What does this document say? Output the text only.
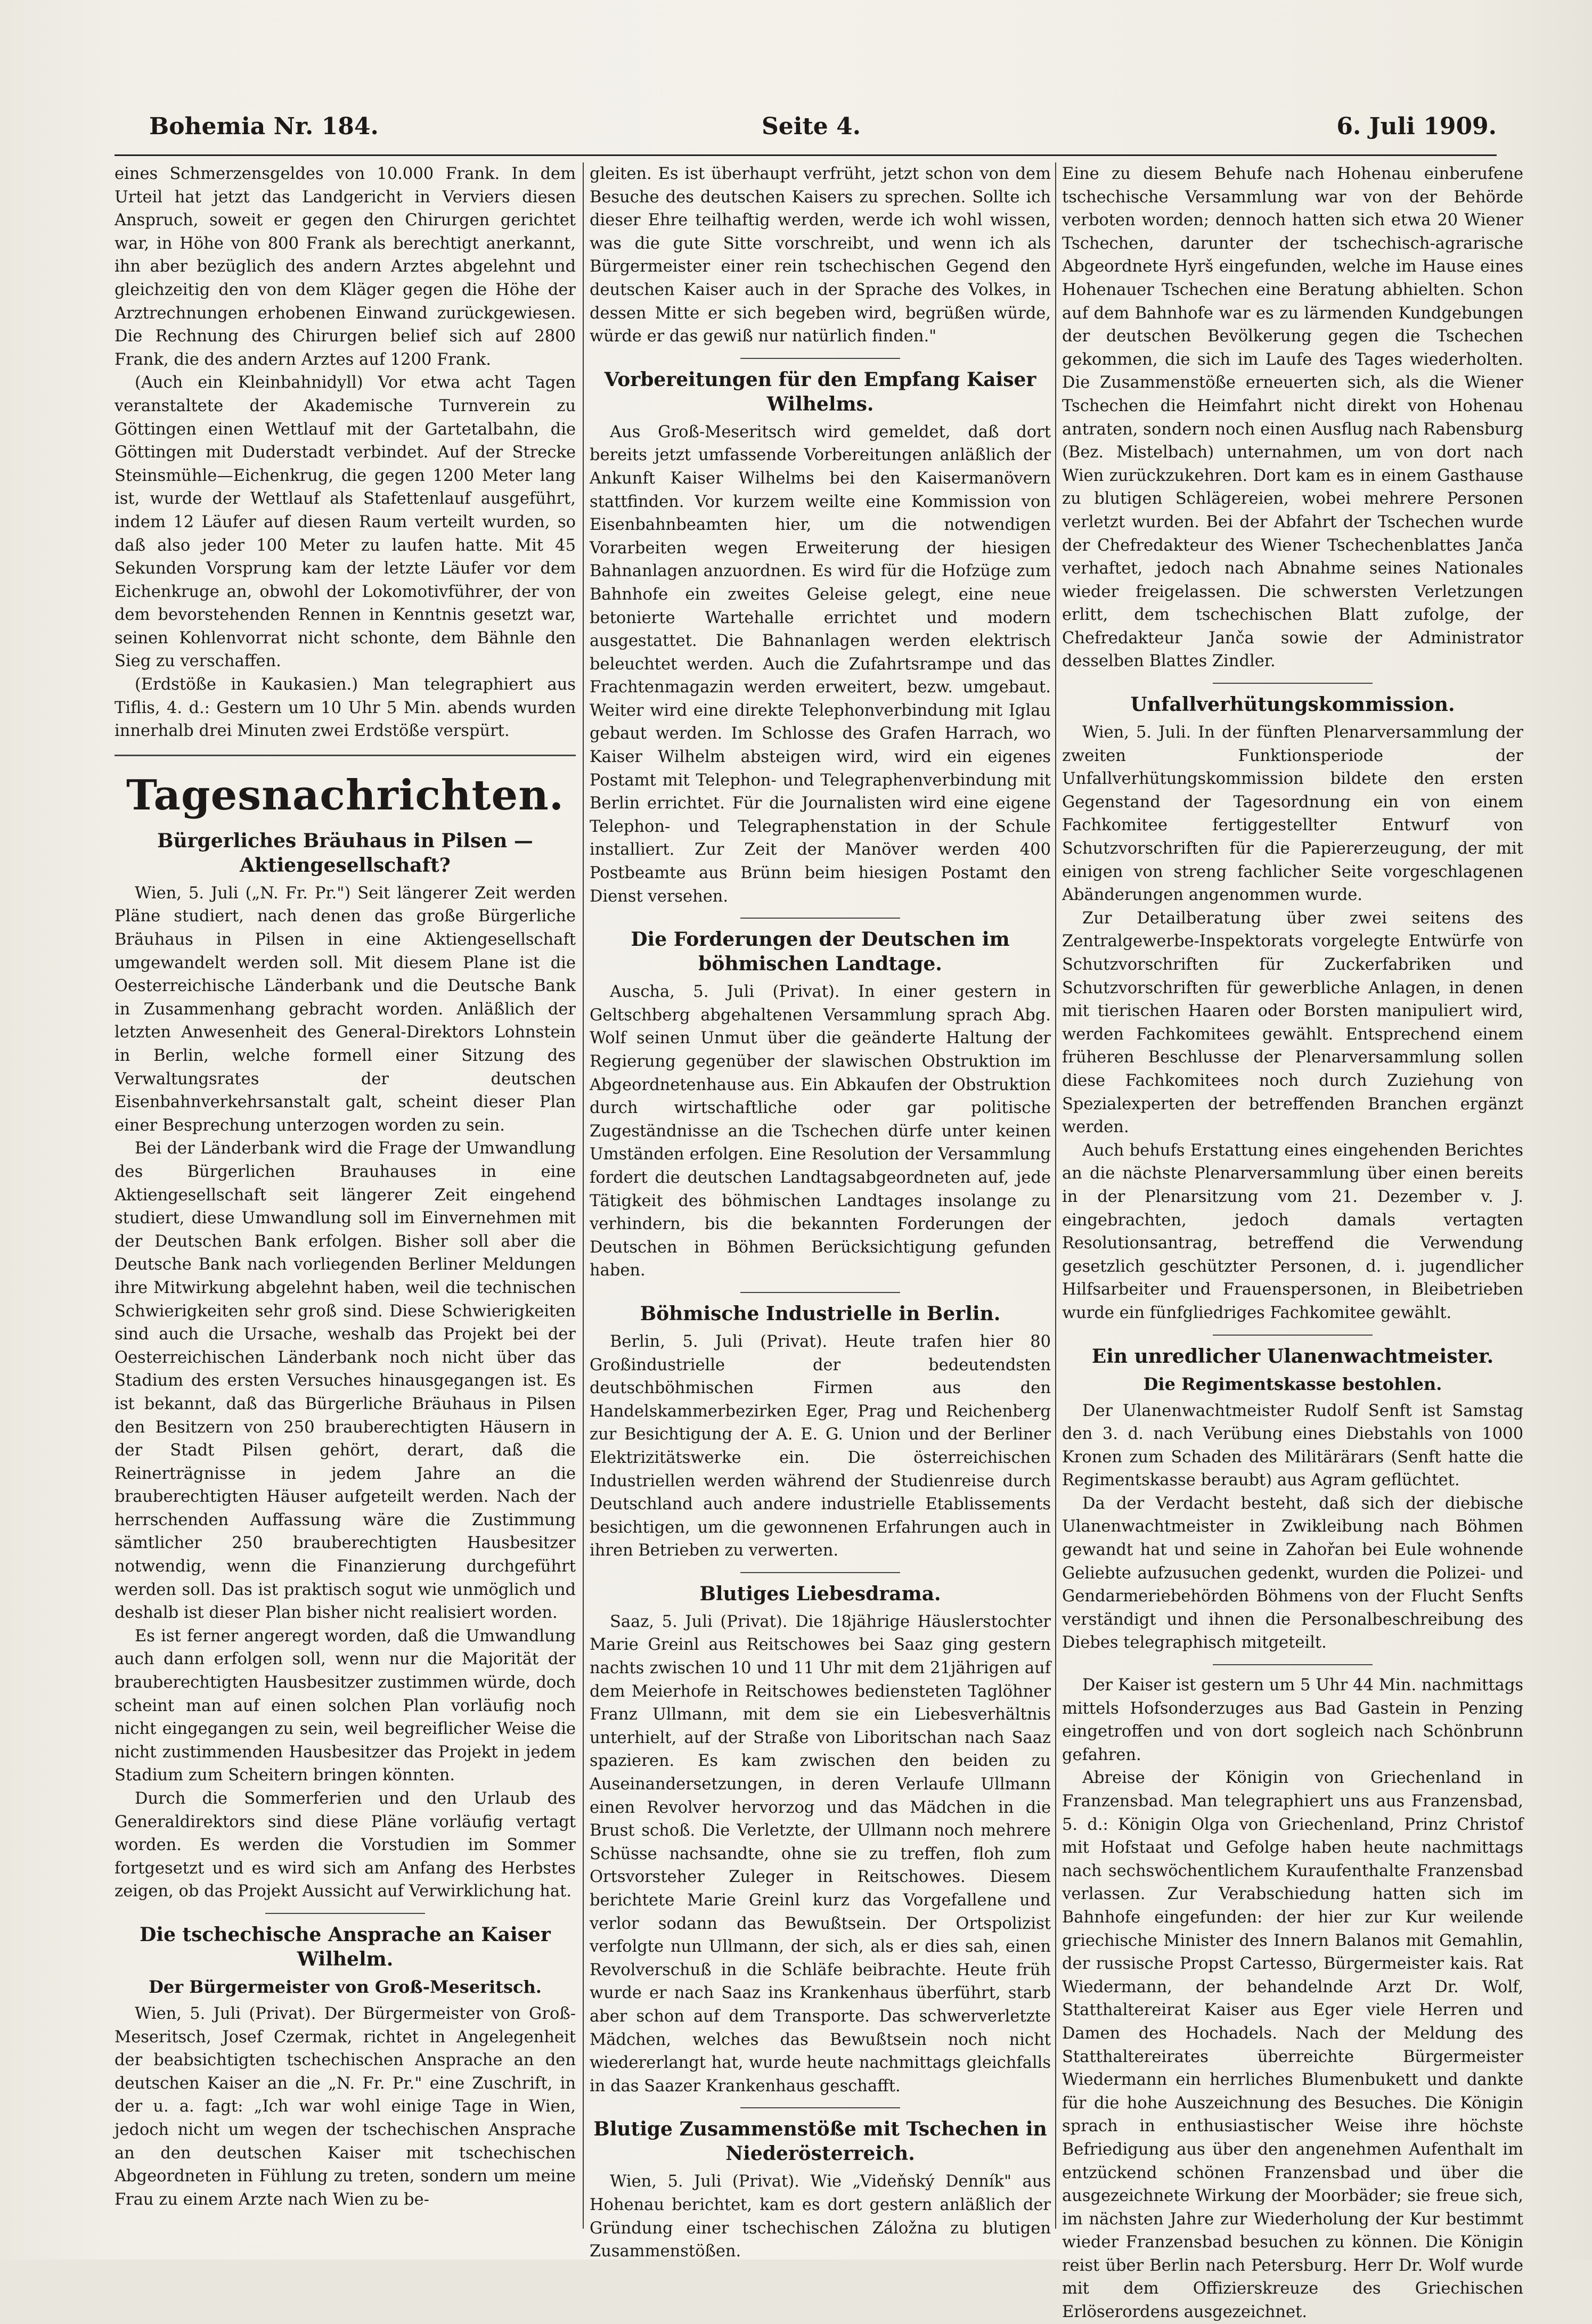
Bohemia Nr. 184.	Seite 4.	6. Juli 1909.

eines Schmerzensgeldes von 10.000 Frank. In dem Urteil hat jetzt das Landgericht in Verviers diesen Anspruch, soweit er gegen den Chirurgen gerichtet war, in Höhe von 800 Frank als berechtigt anerkannt, ihn aber bezüglich des andern Arztes abgelehnt und gleichzeitig den von dem Kläger gegen die Höhe der Arztrechnungen erhobenen Einwand zurückgewiesen. Die Rechnung des Chirurgen belief sich auf 2800 Frank, die des andern Arztes auf 1200 Frank.

(Auch ein Kleinbahnidyll) Vor etwa acht Tagen veranstaltete der Akademische Turnverein zu Göttingen einen Wettlauf mit der Gartetalbahn, die Göttingen mit Duderstadt verbindet. Auf der Strecke Steinsmühle—Eichenkrug, die gegen 1200 Meter lang ist, wurde der Wettlauf als Stafettenlauf ausgeführt, indem 12 Läufer auf diesen Raum verteilt wurden, so daß also jeder 100 Meter zu laufen hatte. Mit 45 Sekunden Vorsprung kam der letzte Läufer vor dem Eichenkruge an, obwohl der Lokomotivführer, der von dem bevorstehenden Rennen in Kenntnis gesetzt war, seinen Kohlenvorrat nicht schonte, dem Bähnle den Sieg zu verschaffen.

(Erdstöße in Kaukasien.) Man telegraphiert aus Tiflis, 4. d.: Gestern um 10 Uhr 5 Min. abends wurden innerhalb drei Minuten zwei Erdstöße verspürt.

Tagesnachrichten.
Bürgerliches Bräuhaus in Pilsen — Aktiengesellschaft?

Wien, 5. Juli („N. Fr. Pr.") Seit längerer Zeit werden Pläne studiert, nach denen das große Bürgerliche Bräuhaus in Pilsen in eine Aktiengesellschaft umgewandelt werden soll. Mit diesem Plane ist die Oesterreichische Länderbank und die Deutsche Bank in Zusammenhang gebracht worden. Anläßlich der letzten Anwesenheit des General-Direktors Lohnstein in Berlin, welche formell einer Sitzung des Verwaltungsrates der deutschen Eisenbahnverkehrsanstalt galt, scheint dieser Plan einer Besprechung unterzogen worden zu sein.

Bei der Länderbank wird die Frage der Umwandlung des Bürgerlichen Brauhauses in eine Aktiengesellschaft seit längerer Zeit eingehend studiert, diese Umwandlung soll im Einvernehmen mit der Deutschen Bank erfolgen. Bisher soll aber die Deutsche Bank nach vorliegenden Berliner Meldungen ihre Mitwirkung abgelehnt haben, weil die technischen Schwierigkeiten sehr groß sind. Diese Schwierigkeiten sind auch die Ursache, weshalb das Projekt bei der Oesterreichischen Länderbank noch nicht über das Stadium des ersten Versuches hinausgegangen ist. Es ist bekannt, daß das Bürgerliche Bräuhaus in Pilsen den Besitzern von 250 brauberechtigten Häusern in der Stadt Pilsen gehört, derart, daß die Reinerträgnisse in jedem Jahre an die brauberechtigten Häuser aufgeteilt werden. Nach der herrschenden Auffassung wäre die Zustimmung sämtlicher 250 brauberechtigten Hausbesitzer notwendig, wenn die Finanzierung durchgeführt werden soll. Das ist praktisch sogut wie unmöglich und deshalb ist dieser Plan bisher nicht realisiert worden.

Es ist ferner angeregt worden, daß die Umwandlung auch dann erfolgen soll, wenn nur die Majorität der brauberechtigten Hausbesitzer zustimmen würde, doch scheint man auf einen solchen Plan vorläufig noch nicht eingegangen zu sein, weil begreiflicher Weise die nicht zustimmenden Hausbesitzer das Projekt in jedem Stadium zum Scheitern bringen könnten.

Durch die Sommerferien und den Urlaub des Generaldirektors sind diese Pläne vorläufig vertagt worden. Es werden die Vorstudien im Sommer fortgesetzt und es wird sich am Anfang des Herbstes zeigen, ob das Projekt Aussicht auf Verwirklichung hat.

Die tschechische Ansprache an Kaiser Wilhelm.
Der Bürgermeister von Groß-Meseritsch.

Wien, 5. Juli (Privat). Der Bürgermeister von Groß-Meseritsch, Josef Czermak, richtet in Angelegenheit der beabsichtigten tschechischen Ansprache an den deutschen Kaiser an die „N. Fr. Pr." eine Zuschrift, in der u. a. fagt: „Ich war wohl einige Tage in Wien, jedoch nicht um wegen der tschechischen Ansprache an den deutschen Kaiser mit tschechischen Abgeordneten in Fühlung zu treten, sondern um meine Frau zu einem Arzte nach Wien zu be-

gleiten. Es ist überhaupt verfrüht, jetzt schon von dem Besuche des deutschen Kaisers zu sprechen. Sollte ich dieser Ehre teilhaftig werden, werde ich wohl wissen, was die gute Sitte vorschreibt, und wenn ich als Bürgermeister einer rein tschechischen Gegend den deutschen Kaiser auch in der Sprache des Volkes, in dessen Mitte er sich begeben wird, begrüßen würde, würde er das gewiß nur natürlich finden."

Vorbereitungen für den Empfang Kaiser Wilhelms.

Aus Groß-Meseritsch wird gemeldet, daß dort bereits jetzt umfassende Vorbereitungen anläßlich der Ankunft Kaiser Wilhelms bei den Kaisermanövern stattfinden. Vor kurzem weilte eine Kommission von Eisenbahnbeamten hier, um die notwendigen Vorarbeiten wegen Erweiterung der hiesigen Bahnanlagen anzuordnen. Es wird für die Hofzüge zum Bahnhofe ein zweites Geleise gelegt, eine neue betonierte Wartehalle errichtet und modern ausgestattet. Die Bahnanlagen werden elektrisch beleuchtet werden. Auch die Zufahrtsrampe und das Frachtenmagazin werden erweitert, bezw. umgebaut. Weiter wird eine direkte Telephonverbindung mit Iglau gebaut werden. Im Schlosse des Grafen Harrach, wo Kaiser Wilhelm absteigen wird, wird ein eigenes Postamt mit Telephon- und Telegraphenverbindung mit Berlin errichtet. Für die Journalisten wird eine eigene Telephon- und Telegraphenstation in der Schule installiert. Zur Zeit der Manöver werden 400 Postbeamte aus Brünn beim hiesigen Postamt den Dienst versehen.

Die Forderungen der Deutschen im böhmischen Landtage.

Auscha, 5. Juli (Privat). In einer gestern in Geltschberg abgehaltenen Versammlung sprach Abg. Wolf seinen Unmut über die geänderte Haltung der Regierung gegenüber der slawischen Obstruktion im Abgeordnetenhause aus. Ein Abkaufen der Obstruktion durch wirtschaftliche oder gar politische Zugeständnisse an die Tschechen dürfe unter keinen Umständen erfolgen. Eine Resolution der Versammlung fordert die deutschen Landtagsabgeordneten auf, jede Tätigkeit des böhmischen Landtages insolange zu verhindern, bis die bekannten Forderungen der Deutschen in Böhmen Berücksichtigung gefunden haben.

Böhmische Industrielle in Berlin.

Berlin, 5. Juli (Privat). Heute trafen hier 80 Großindustrielle der bedeutendsten deutschböhmischen Firmen aus den Handelskammerbezirken Eger, Prag und Reichenberg zur Besichtigung der A. E. G. Union und der Berliner Elektrizitätswerke ein. Die österreichischen Industriellen werden während der Studienreise durch Deutschland auch andere industrielle Etablissements besichtigen, um die gewonnenen Erfahrungen auch in ihren Betrieben zu verwerten.

Blutiges Liebesdrama.

Saaz, 5. Juli (Privat). Die 18jährige Häuslerstochter Marie Greinl aus Reitschowes bei Saaz ging gestern nachts zwischen 10 und 11 Uhr mit dem 21jährigen auf dem Meierhofe in Reitschowes bediensteten Taglöhner Franz Ullmann, mit dem sie ein Liebesverhältnis unterhielt, auf der Straße von Liboritschan nach Saaz spazieren. Es kam zwischen den beiden zu Auseinandersetzungen, in deren Verlaufe Ullmann einen Revolver hervorzog und das Mädchen in die Brust schoß. Die Verletzte, der Ullmann noch mehrere Schüsse nachsandte, ohne sie zu treffen, floh zum Ortsvorsteher Zuleger in Reitschowes. Diesem berichtete Marie Greinl kurz das Vorgefallene und verlor sodann das Bewußtsein. Der Ortspolizist verfolgte nun Ullmann, der sich, als er dies sah, einen Revolverschuß in die Schläfe beibrachte. Heute früh wurde er nach Saaz ins Krankenhaus überführt, starb aber schon auf dem Transporte. Das schwerverletzte Mädchen, welches das Bewußtsein noch nicht wiedererlangt hat, wurde heute nachmittags gleichfalls in das Saazer Krankenhaus geschafft.

Blutige Zusammenstöße mit Tschechen in Niederösterreich.

Wien, 5. Juli (Privat). Wie „Videňský Denník" aus Hohenau berichtet, kam es dort gestern anläßlich der Gründung einer tschechischen Záložna zu blutigen Zusammenstößen.

Eine zu diesem Behufe nach Hohenau einberufene tschechische Versammlung war von der Behörde verboten worden; dennoch hatten sich etwa 20 Wiener Tschechen, darunter der tschechisch-agrarische Abgeordnete Hyrš eingefunden, welche im Hause eines Hohenauer Tschechen eine Beratung abhielten. Schon auf dem Bahnhofe war es zu lärmenden Kundgebungen der deutschen Bevölkerung gegen die Tschechen gekommen, die sich im Laufe des Tages wiederholten. Die Zusammenstöße erneuerten sich, als die Wiener Tschechen die Heimfahrt nicht direkt von Hohenau antraten, sondern noch einen Ausflug nach Rabensburg (Bez. Mistelbach) unternahmen, um von dort nach Wien zurückzukehren. Dort kam es in einem Gasthause zu blutigen Schlägereien, wobei mehrere Personen verletzt wurden. Bei der Abfahrt der Tschechen wurde der Chefredakteur des Wiener Tschechenblattes Janča verhaftet, jedoch nach Abnahme seines Nationales wieder freigelassen. Die schwersten Verletzungen erlitt, dem tschechischen Blatt zufolge, der Chefredakteur Janča sowie der Administrator desselben Blattes Zindler.

Unfallverhütungskommission.

Wien, 5. Juli. In der fünften Plenarversammlung der zweiten Funktionsperiode der Unfallverhütungskommission bildete den ersten Gegenstand der Tagesordnung ein von einem Fachkomitee fertiggestellter Entwurf von Schutzvorschriften für die Papiererzeugung, der mit einigen von streng fachlicher Seite vorgeschlagenen Abänderungen angenommen wurde.

Zur Detailberatung über zwei seitens des Zentralgewerbe-Inspektorats vorgelegte Entwürfe von Schutzvorschriften für Zuckerfabriken und Schutzvorschriften für gewerbliche Anlagen, in denen mit tierischen Haaren oder Borsten manipuliert wird, werden Fachkomitees gewählt. Entsprechend einem früheren Beschlusse der Plenarversammlung sollen diese Fachkomitees noch durch Zuziehung von Spezialexperten der betreffenden Branchen ergänzt werden.

Auch behufs Erstattung eines eingehenden Berichtes an die nächste Plenarversammlung über einen bereits in der Plenarsitzung vom 21. Dezember v. J. eingebrachten, jedoch damals vertagten Resolutionsantrag, betreffend die Verwendung gesetzlich geschützter Personen, d. i. jugendlicher Hilfsarbeiter und Frauenspersonen, in Bleibetrieben wurde ein fünfgliedriges Fachkomitee gewählt.

Ein unredlicher Ulanenwachtmeister.
Die Regimentskasse bestohlen.

Der Ulanenwachtmeister Rudolf Senft ist Samstag den 3. d. nach Verübung eines Diebstahls von 1000 Kronen zum Schaden des Militärärars (Senft hatte die Regimentskasse beraubt) aus Agram geflüchtet.

Da der Verdacht besteht, daß sich der diebische Ulanenwachtmeister in Zwikleibung nach Böhmen gewandt hat und seine in Zahořan bei Eule wohnende Geliebte aufzusuchen gedenkt, wurden die Polizei- und Gendarmeriebehörden Böhmens von der Flucht Senfts verständigt und ihnen die Personalbeschreibung des Diebes telegraphisch mitgeteilt.

Der Kaiser ist gestern um 5 Uhr 44 Min. nachmittags mittels Hofsonderzuges aus Bad Gastein in Penzing eingetroffen und von dort sogleich nach Schönbrunn gefahren.

Abreise der Königin von Griechenland in Franzensbad. Man telegraphiert uns aus Franzensbad, 5. d.: Königin Olga von Griechenland, Prinz Christof mit Hofstaat und Gefolge haben heute nachmittags nach sechswöchentlichem Kuraufenthalte Franzensbad verlassen. Zur Verabschiedung hatten sich im Bahnhofe eingefunden: der hier zur Kur weilende griechische Minister des Innern Balanos mit Gemahlin, der russische Propst Cartesso, Bürgermeister kais. Rat Wiedermann, der behandelnde Arzt Dr. Wolf, Statthaltereirat Kaiser aus Eger viele Herren und Damen des Hochadels. Nach der Meldung des Statthaltereirates überreichte Bürgermeister Wiedermann ein herrliches Blumenbukett und dankte für die hohe Auszeichnung des Besuches. Die Königin sprach in enthusiastischer Weise ihre höchste Befriedigung aus über den angenehmen Aufenthalt im entzückend schönen Franzensbad und über die ausgezeichnete Wirkung der Moorbäder; sie freue sich, im nächsten Jahre zur Wiederholung der Kur bestimmt wieder Franzensbad besuchen zu können. Die Königin reist über Berlin nach Petersburg. Herr Dr. Wolf wurde mit dem Offizierskreuze des Griechischen Erlöserordens ausgezeichnet.
